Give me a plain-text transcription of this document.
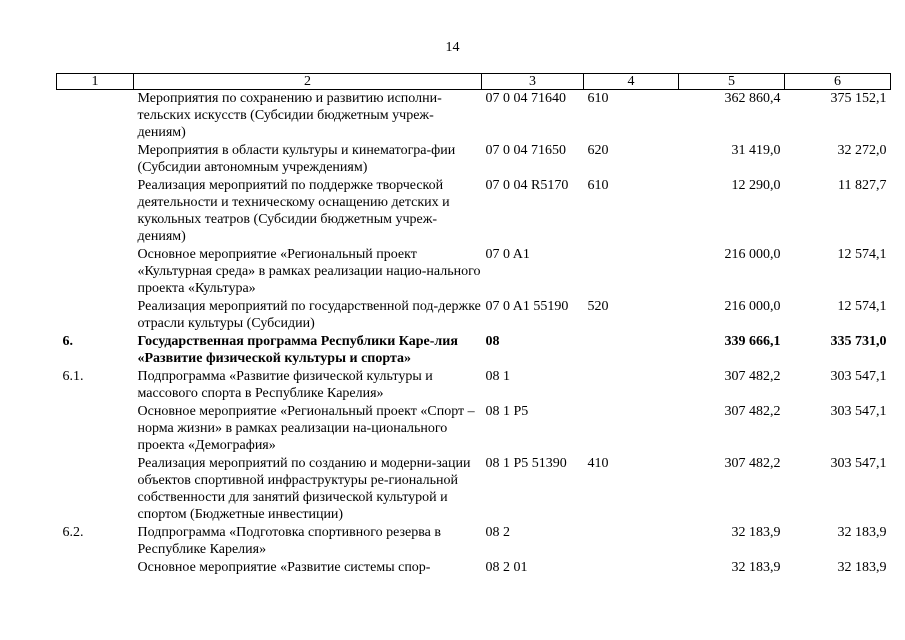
14
1	2	3	4	5	6
	Мероприятия по сохранению и развитию исполни-тельских искусств (Субсидии бюджетным учреж-дениям)	07 0 04 71640	610	362 860,4	375 152,1
	Мероприятия в области культуры и кинематогра-фии (Субсидии автономным учреждениям)	07 0 04 71650	620	31 419,0	32 272,0
	Реализация мероприятий по поддержке творческой деятельности и техническому оснащению детских и кукольных театров (Субсидии бюджетным учреж-дениям)	07 0 04 R5170	610	12 290,0	11 827,7
	Основное мероприятие «Региональный проект «Культурная среда» в рамках реализации нацио-нального проекта «Культура»	07 0 A1		216 000,0	12 574,1
	Реализация мероприятий по государственной под-держке отрасли культуры (Субсидии)	07 0 A1 55190	520	216 000,0	12 574,1
6.	Государственная программа Республики Каре-лия «Развитие физической культуры и спорта»	08		339 666,1	335 731,0
6.1.	Подпрограмма «Развитие физической культуры и массового спорта в Республике Карелия»	08 1		307 482,2	303 547,1
	Основное мероприятие «Региональный проект «Спорт – норма жизни» в рамках реализации на-ционального проекта «Демография»	08 1 P5		307 482,2	303 547,1
	Реализация мероприятий по созданию и модерни-зации объектов спортивной инфраструктуры ре-гиональной собственности для занятий физической культурой и спортом (Бюджетные инвестиции)	08 1 P5 51390	410	307 482,2	303 547,1
6.2.	Подпрограмма «Подготовка спортивного резерва в Республике Карелия»	08 2		32 183,9	32 183,9
	Основное мероприятие «Развитие системы спор-	08 2 01		32 183,9	32 183,9
